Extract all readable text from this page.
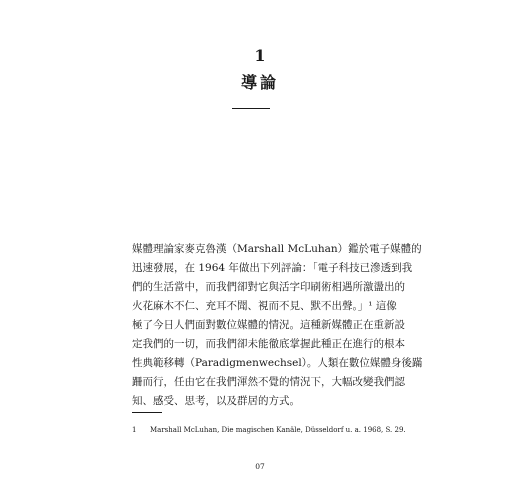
1
導論
媒體理論家麥克魯漢（Marshall McLuhan）鑑於電子媒體的
迅速發展，在 1964 年做出下列評論：「電子科技已滲透到我
們的生活當中，而我們卻對它與活字印刷術相遇所激盪出的
火花麻木不仁、充耳不聞、視而不見、默不出聲。」¹ 這像
極了今日人們面對數位媒體的情況。這種新媒體正在重新設
定我們的一切，而我們卻未能徹底掌握此種正在進行的根本
性典範移轉（Paradigmenwechsel）。人類在數位媒體身後蹣
跚而行，任由它在我們渾然不覺的情況下，大幅改變我們認
知、感受、思考，以及群居的方式。
1 Marshall McLuhan, Die magischen Kanäle, Düsseldorf u. a. 1968, S. 29.
07
